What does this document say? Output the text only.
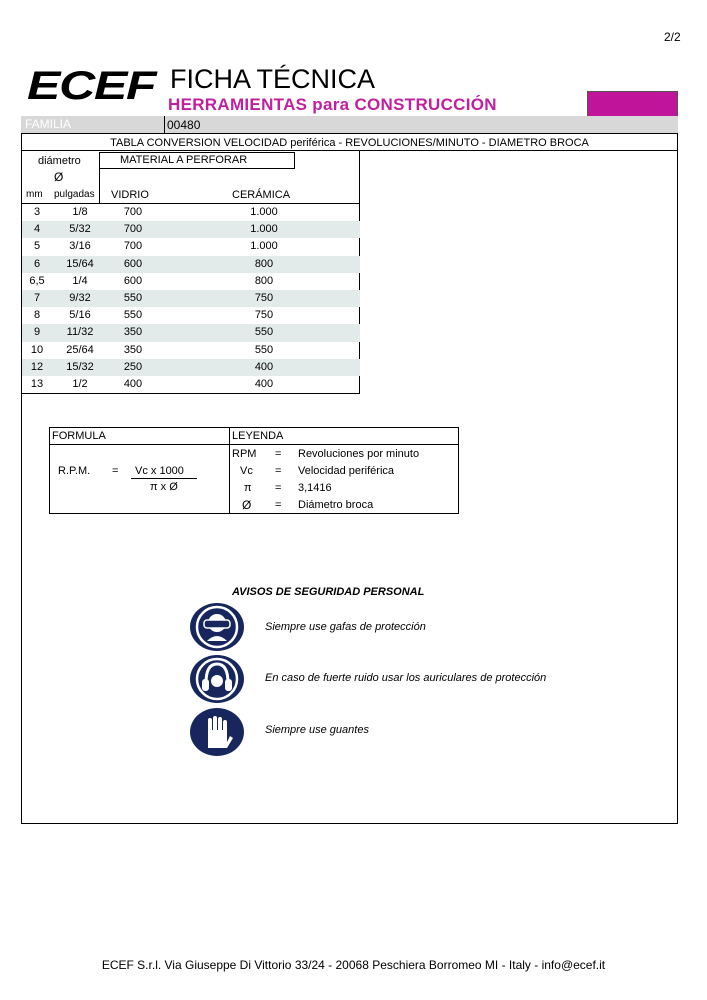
2/2
ECEF FICHA TÉCNICA
HERRAMIENTAS para CONSTRUCCIÓN
FAMILIA	00480
TABLA CONVERSION VELOCIDAD periférica - REVOLUCIONES/MINUTO - DIAMETRO BROCA
MATERIAL A PERFORAR
diámetro
Ø
mm pulgadas VIDRIO	CERÁMICA
3	1/8	700	1.000
4	5/32	700	1.000
5	3/16	700	1.000
6	15/64	600	800
6,5	1/4	600	800
7	9/32	550	750
8	5/16	550	750
9	11/32	350	550
10	25/64	350	550
12	15/32	250	400
13	1/2	400	400
FORMULA	LEYENDA
R.P.M. = Vc x 1000
π x Ø
RPM = Revoluciones por minuto
Vc = Velocidad periférica
π = 3,1416
Ø = Diámetro broca
AVISOS DE SEGURIDAD PERSONAL
Siempre use gafas de protección
En caso de fuerte ruido usar los auriculares de protección
Siempre use guantes
ECEF S.r.l. Via Giuseppe Di Vittorio 33/24 - 20068 Peschiera Borromeo MI - Italy - info@ecef.it
